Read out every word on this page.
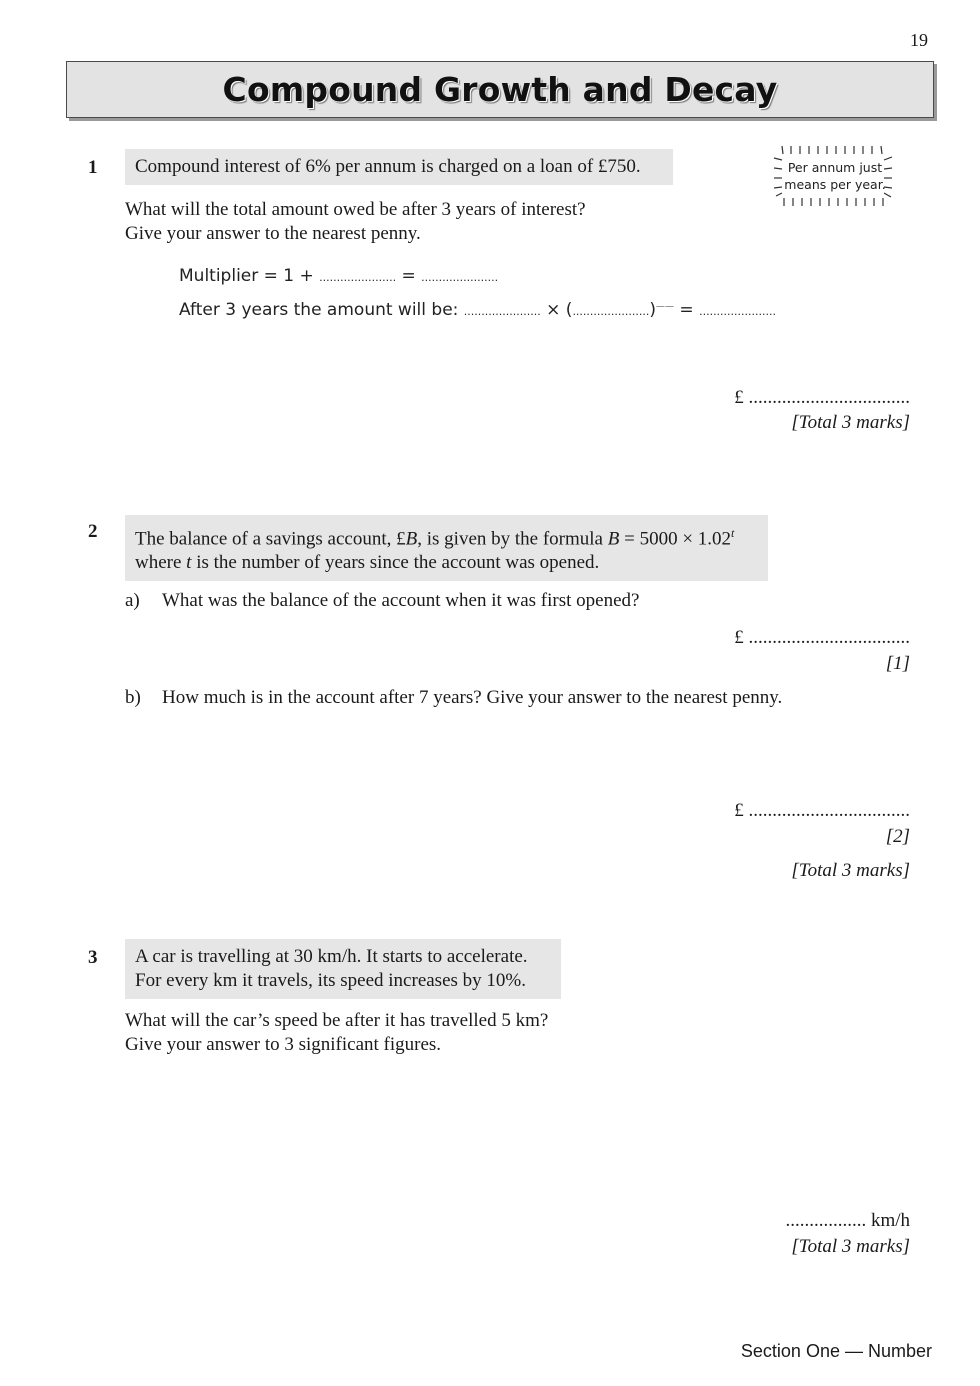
19
Compound Growth and Decay
Per annum just
means per year.
1	Compound interest of 6% per annum is charged on a loan of £750.
What will the total amount owed be after 3 years of interest?
Give your answer to the nearest penny.
Multiplier = 1 + ...................... = ......................
After 3 years the amount will be: ...................... × (......................)—— = ......................
£ ..................................
[Total 3 marks]
2 The balance of a savings account, £B, is given by the formula $B = 5000 \times 1.02^t$
where t is the number of years since the account was opened.
a) What was the balance of the account when it was first opened?
£ ..................................
[1]
b) How much is in the account after 7 years? Give your answer to the nearest penny.
£ ..................................
[2]
[Total 3 marks]
3 A car is travelling at 30 km/h. It starts to accelerate.
For every km it travels, its speed increases by 10%.
What will the car’s speed be after it has travelled 5 km?
Give your answer to 3 significant figures.
................. km/h
[Total 3 marks]
Section One — Number
